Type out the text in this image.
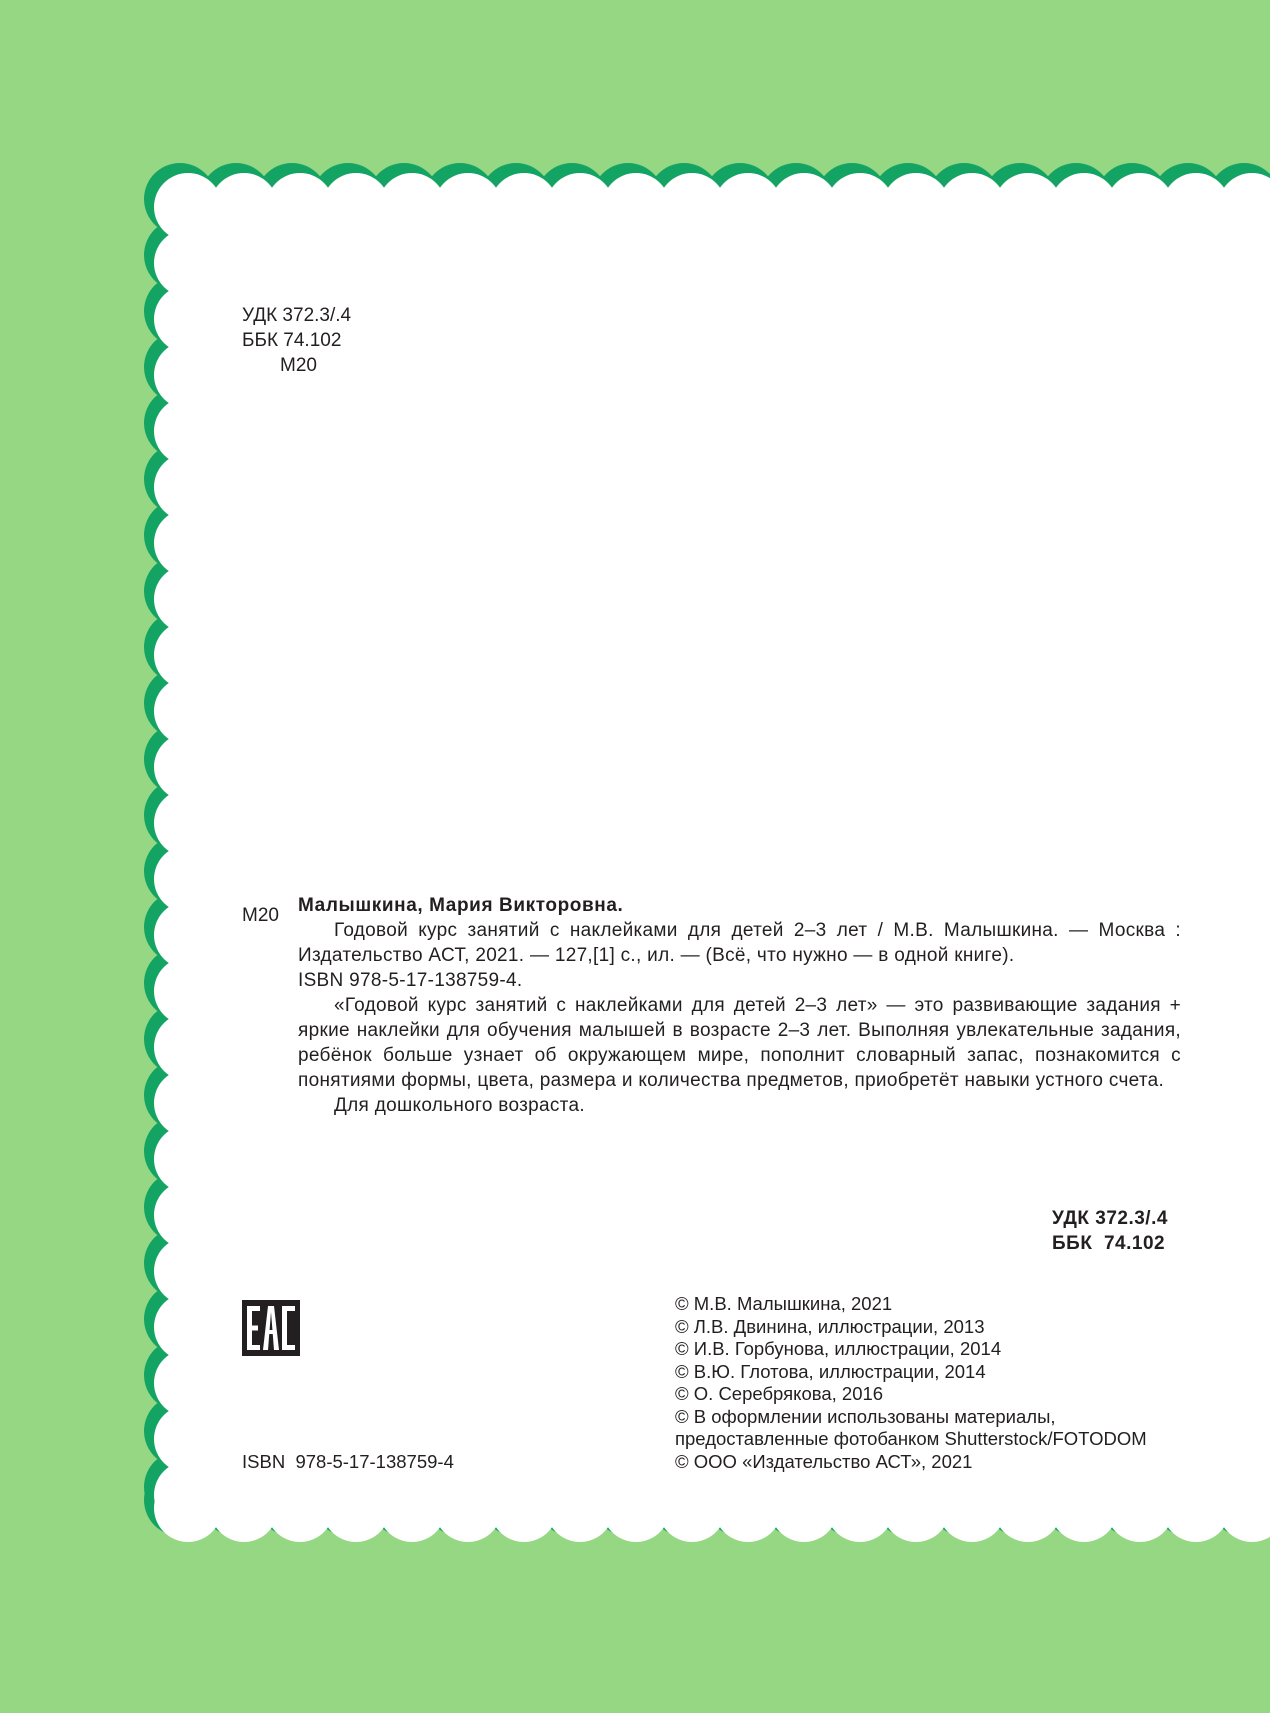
УДК 372.3/.4
ББК 74.102
М20
М20 Малышкина, Мария Викторовна.

Годовой курс занятий с наклейками для детей 2–3 лет / М.В. Малышкина. — Москва : Издательство АСТ, 2021. — 127,[1] с., ил. — (Всё, что нужно — в одной книге).

ISBN 978-5-17-138759-4.

«Годовой курс занятий с наклейками для детей 2–3 лет» — это развивающие задания + яркие наклейки для обучения малышей в возрасте 2–3 лет. Выполняя увлекательные задания, ребёнок больше узнает об окружающем мире, пополнит словарный запас, познакомится с понятиями формы, цвета, размера и количества предметов, приобретёт навыки устного счета.

Для дошкольного возраста.

УДК 372.3/.4
ББК  74.102
© М.В. Малышкина, 2021
© Л.В. Двинина, иллюстрации, 2013
© И.В. Горбунова, иллюстрации, 2014
© В.Ю. Глотова, иллюстрации, 2014
© О. Серебрякова, 2016
© В оформлении использованы материалы,
предоставленные фотобанком Shutterstock/FOTODOM
© ООО «Издательство АСТ», 2021
ISBN  978-5-17-138759-4
